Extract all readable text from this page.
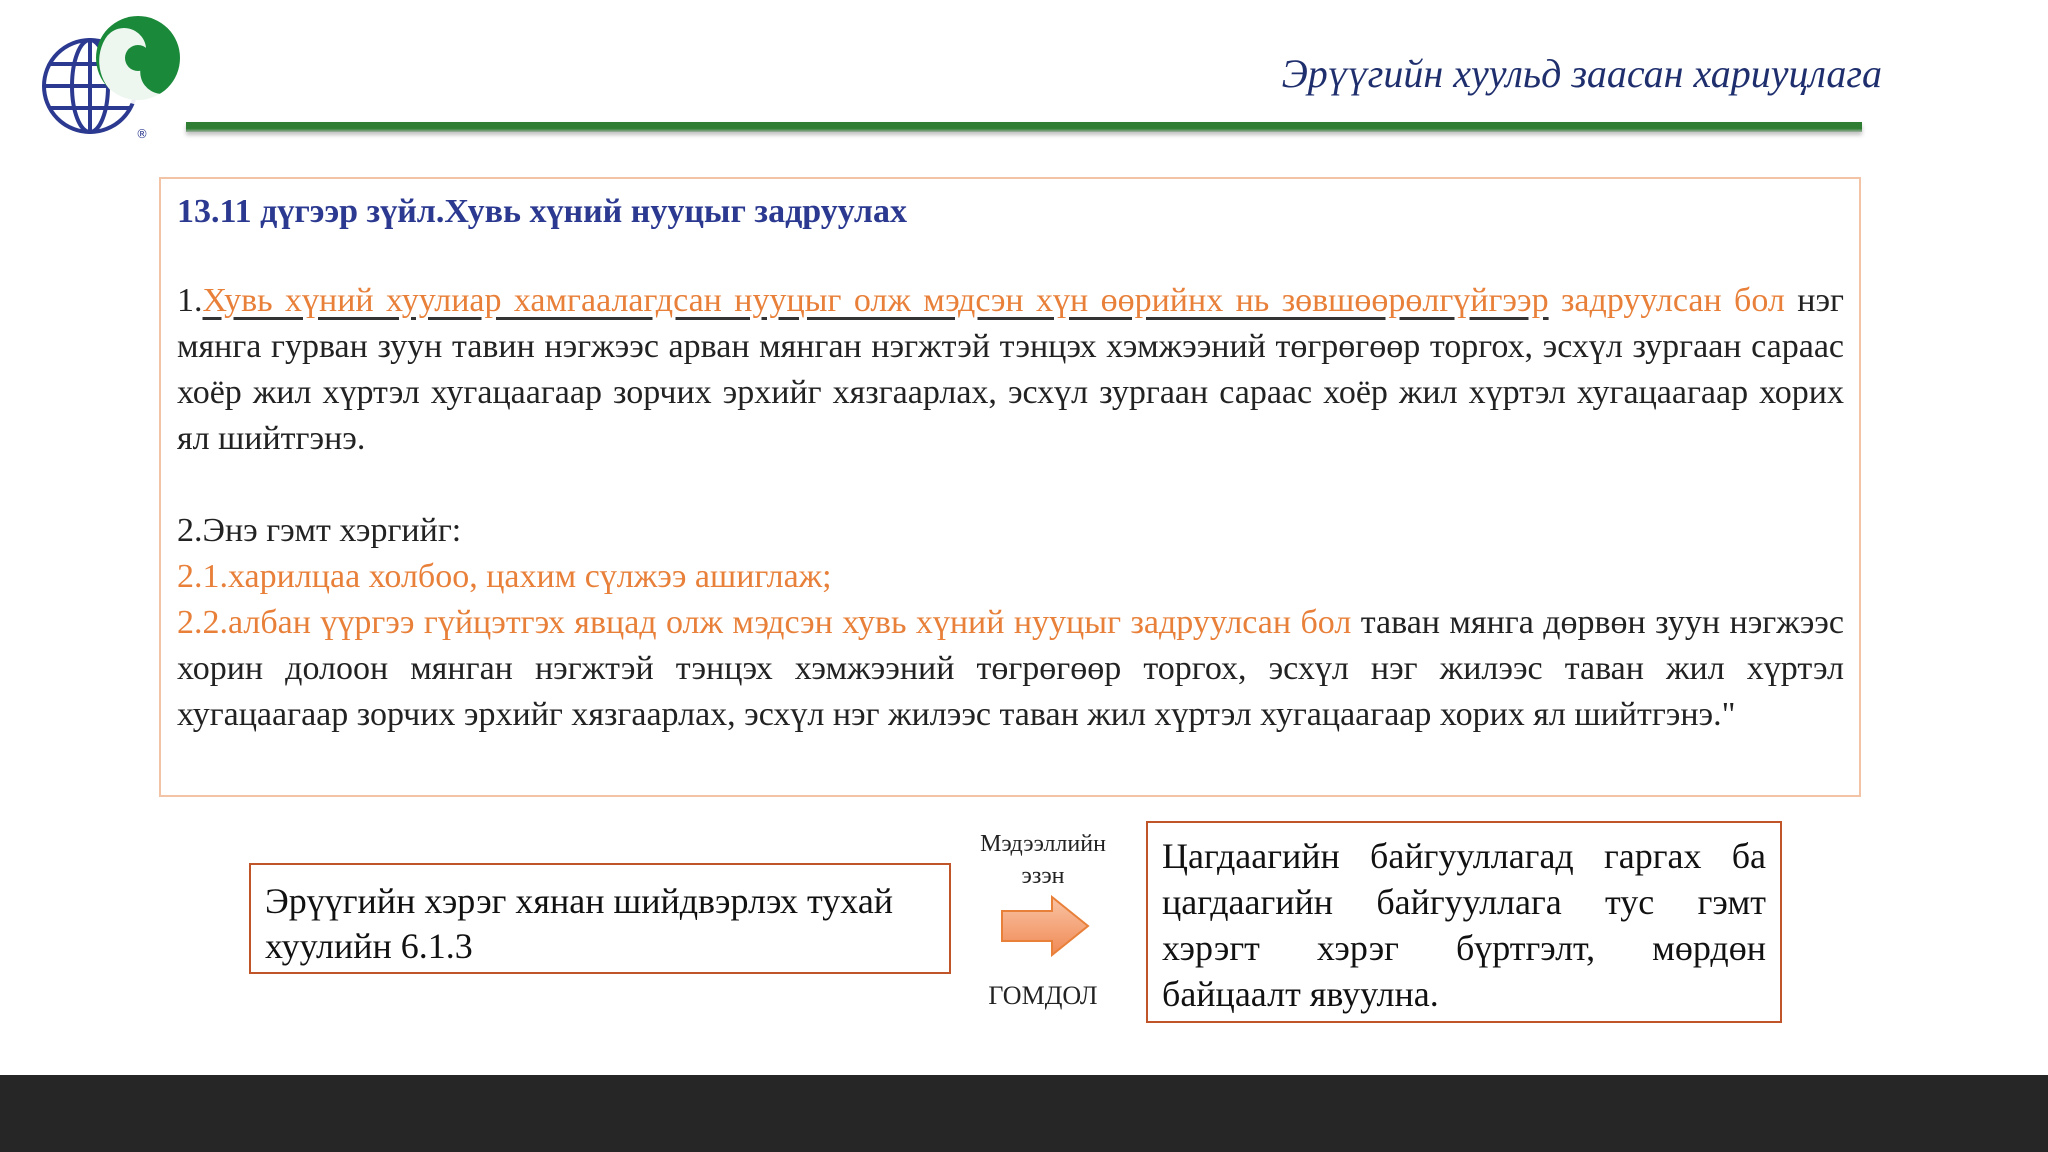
®
Эрүүгийн хуульд заасан хариуцлага

13.11 дүгээр зүйл.Хувь хүний нууцыг задруулах

1.Хувь хүний хуулиар хамгаалагдсан нууцыг олж мэдсэн хүн өөрийнх нь зөвшөөрөлгүйгээр задруулсан бол нэг мянга гурван зуун тавин нэгжээс арван мянган нэгжтэй тэнцэх хэмжээний төгрөгөөр торгох, эсхүл зургаан сараас хоёр жил хүртэл хугацаагаар зорчих эрхийг хязгаарлах, эсхүл зургаан сараас хоёр жил хүртэл хугацаагаар хорих ял шийтгэнэ.

2.Энэ гэмт хэргийг:

2.1.харилцаа холбоо, цахим сүлжээ ашиглаж;

2.2.албан үүргээ гүйцэтгэх явцад олж мэдсэн хувь хүний нууцыг задруулсан бол таван мянга дөрвөн зуун нэгжээс хорин долоон мянган нэгжтэй тэнцэх хэмжээний төгрөгөөр торгох, эсхүл нэг жилээс таван жил хүртэл хугацаагаар зорчих эрхийг хязгаарлах, эсхүл нэг жилээс таван жил хүртэл хугацаагаар хорих ял шийтгэнэ."

Эрүүгийн хэрэг хянан шийдвэрлэх тухай хуулийн 6.1.3
Мэдээллийн эзэн
ГОМДОЛ
Цагдаагийн байгууллагад гаргах ба цагдаагийн байгууллага тус гэмт хэрэгт хэрэг бүртгэлт, мөрдөн байцаалт явуулна.
